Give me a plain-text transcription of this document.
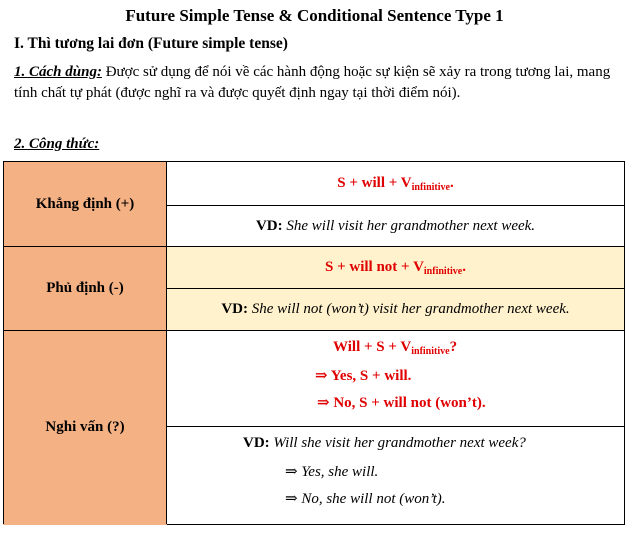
Future Simple Tense & Conditional Sentence Type 1
I. Thì tương lai đơn (Future simple tense)
1. Cách dùng: Được sử dụng để nói về các hành động hoặc sự kiện sẽ xảy ra trong tương lai, mang tính chất tự phát (được nghĩ ra và được quyết định ngay tại thời điểm nói).
2. Công thức:
Khẳng định (+)	S + will + $V_{infinitive}$.
	VD: She will visit her grandmother next week.
Phủ định (-)	S + will not + $V_{infinitive}$.
	VD: She will not (won’t) visit her grandmother next week.
Nghi vấn (?)	Will + $S + V_{infinitive}$?
⇒ Yes, S + will.
⇒ No, S + will not (won’t).

	VD: Will she visit her grandmother next week?
⇒ Yes, she will.
⇒ No, she will not (won’t).
